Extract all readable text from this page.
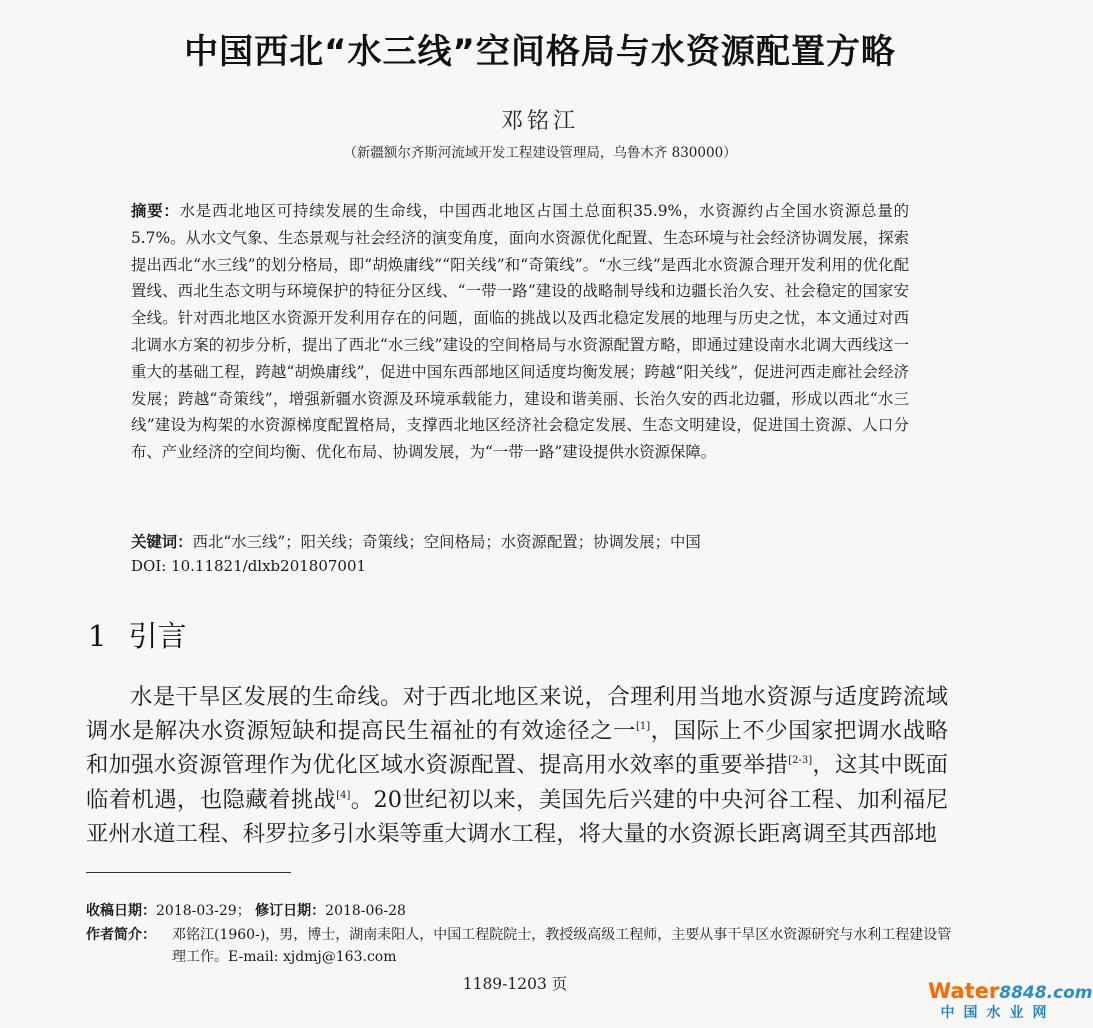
中国西北“水三线”空间格局与水资源配置方略
邓铭江
（新疆额尔齐斯河流域开发工程建设管理局，乌鲁木齐 830000）
摘要：水是西北地区可持续发展的生命线，中国西北地区占国土总面积35.9%，水资源约占全国水资源总量的5.7%。从水文气象、生态景观与社会经济的演变角度，面向水资源优化配置、生态环境与社会经济协调发展，探索提出西北“水三线”的划分格局，即“胡焕庸线”“阳关线”和“奇策线”。“水三线”是西北水资源合理开发利用的优化配置线、西北生态文明与环境保护的特征分区线、“一带一路”建设的战略制导线和边疆长治久安、社会稳定的国家安全线。针对西北地区水资源开发利用存在的问题，面临的挑战以及西北稳定发展的地理与历史之忧，本文通过对西北调水方案的初步分析，提出了西北“水三线”建设的空间格局与水资源配置方略，即通过建设南水北调大西线这一重大的基础工程，跨越“胡焕庸线”，促进中国东西部地区间适度均衡发展；跨越“阳关线”，促进河西走廊社会经济发展；跨越“奇策线”，增强新疆水资源及环境承载能力，建设和谐美丽、长治久安的西北边疆，形成以西北“水三线”建设为构架的水资源梯度配置格局，支撑西北地区经济社会稳定发展、生态文明建设，促进国土资源、人口分布、产业经济的空间均衡、优化布局、协调发展，为“一带一路”建设提供水资源保障。
关键词：西北“水三线”；阳关线；奇策线；空间格局；水资源配置；协调发展；中国
DOI: 10.11821/dlxb201807001
1 引言
水是干旱区发展的生命线。对于西北地区来说，合理利用当地水资源与适度跨流域调水是解决水资源短缺和提高民生福祉的有效途径之一[1]，国际上不少国家把调水战略和加强水资源管理作为优化区域水资源配置、提高用水效率的重要举措[2-3]，这其中既面临着机遇，也隐藏着挑战[4]。20世纪初以来，美国先后兴建的中央河谷工程、加利福尼亚州水道工程、科罗拉多引水渠等重大调水工程，将大量的水资源长距离调至其西部地
收稿日期：2018-03-29； 修订日期：2018-06-28
作者简介： 邓铭江(1960-)，男，博士，湖南耒阳人，中国工程院院士，教授级高级工程师，主要从事干旱区水资源研究与水利工程建设管理工作。E-mail: xjdmj@163.com
1189-1203 页	Water8848.com
中国水业网
